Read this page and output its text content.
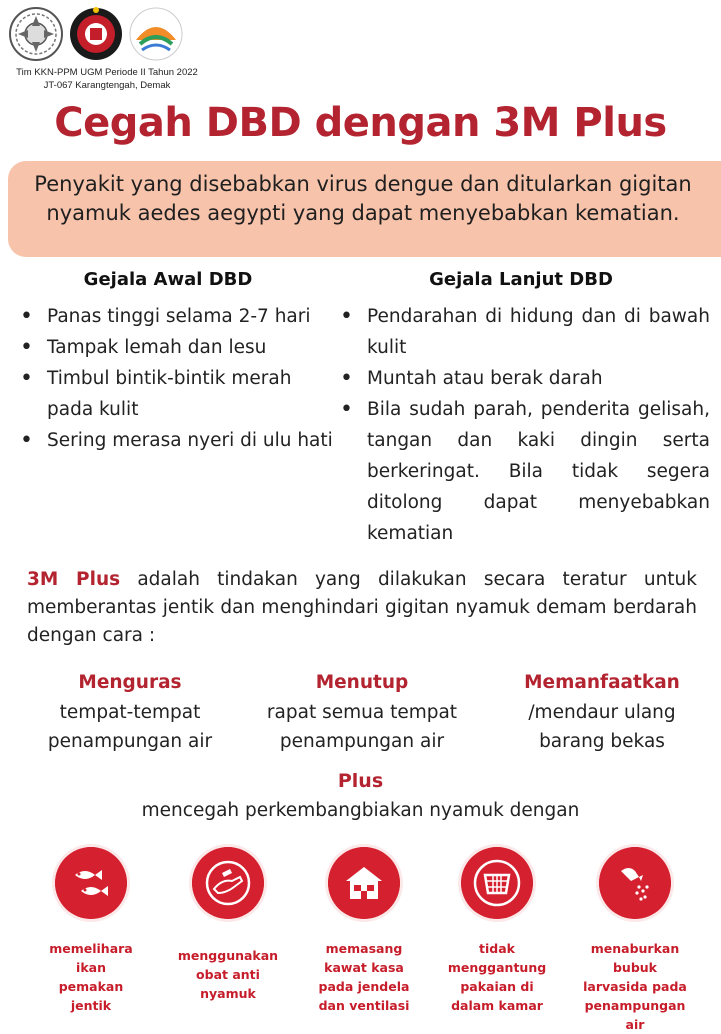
Tim KKN-PPM UGM Periode II Tahun 2022
JT-067 Karangtengah, Demak
Cegah DBD dengan 3M Plus
Penyakit yang disebabkan virus dengue dan ditularkan gigitan nyamuk aedes aegypti yang dapat menyebabkan kematian.
Gejala Awal DBD
• Panas tinggi selama 2-7 hari
• Tampak lemah dan lesu
• Timbul bintik-bintik merah pada kulit
• Sering merasa nyeri di ulu hati
Gejala Lanjut DBD
• Pendarahan di hidung dan di bawah kulit
• Muntah atau berak darah
• Bila sudah parah, penderita gelisah, tangan dan kaki dingin serta berkeringat. Bila tidak segera ditolong dapat menyebabkan kematian
3M Plus adalah tindakan yang dilakukan secara teratur untuk memberantas jentik dan menghindari gigitan nyamuk demam berdarah dengan cara :
Menguras
tempat-tempat
penampungan air
Menutup
rapat semua tempat
penampungan air
Memanfaatkan
/mendaur ulang
barang bekas
Plus
mencegah perkembangbiakan nyamuk dengan
memelihara
ikan
pemakan
jentik
menggunakan
obat anti
nyamuk
memasang
kawat kasa
pada jendela
dan ventilasi
tidak
menggantung
pakaian di
dalam kamar
menaburkan
bubuk
larvasida pada
penampungan
air
